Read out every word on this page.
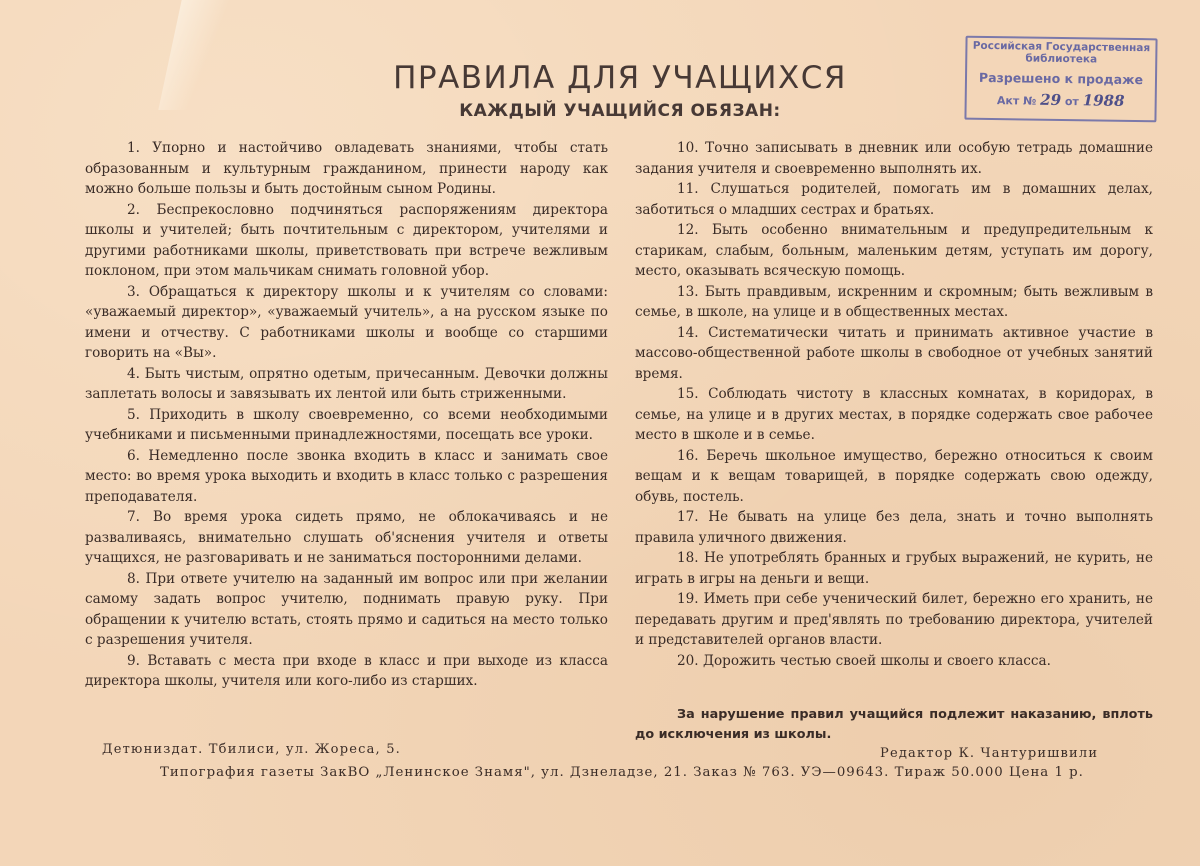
ПРАВИЛА ДЛЯ УЧАЩИХСЯ
КАЖДЫЙ УЧАЩИЙСЯ ОБЯЗАН:
Российская Государственная библиотека
Разрешено к продаже
Акт № 29 от 1988

1. Упорно и настойчиво овладевать знаниями, чтобы стать образованным и культурным гражданином, принести народу как можно больше пользы и быть достойным сыном Родины.

2. Беспрекословно подчиняться распоряжениям директора школы и учителей; быть почтительным с директором, учителями и другими работниками школы, приветствовать при встрече вежливым поклоном, при этом мальчикам снимать головной убор.

3. Обращаться к директору школы и к учителям со словами: «уважаемый директор», «уважаемый учитель», а на русском языке по имени и отчеству. С работниками школы и вообще со старшими говорить на «Вы».

4. Быть чистым, опрятно одетым, причесанным. Девочки должны заплетать волосы и завязывать их лентой или быть стриженными.

5. Приходить в школу своевременно, со всеми необходимыми учебниками и письменными принадлежностями, посещать все уроки.

6. Немедленно после звонка входить в класс и занимать свое место: во время урока выходить и входить в класс только с разрешения преподавателя.

7. Во время урока сидеть прямо, не облокачиваясь и не разваливаясь, внимательно слушать об'яснения учителя и ответы учащихся, не разговаривать и не заниматься посторонними делами.

8. При ответе учителю на заданный им вопрос или при желании самому задать вопрос учителю, поднимать правую руку. При обращении к учителю встать, стоять прямо и садиться на место только с разрешения учителя.

9. Вставать с места при входе в класс и при выходе из класса директора школы, учителя или кого-либо из старших.

10. Точно записывать в дневник или особую тетрадь домашние задания учителя и своевременно выполнять их.

11. Слушаться родителей, помогать им в домашних делах, заботиться о младших сестрах и братьях.

12. Быть особенно внимательным и предупредительным к старикам, слабым, больным, маленьким детям, уступать им дорогу, место, оказывать всяческую помощь.

13. Быть правдивым, искренним и скромным; быть вежливым в семье, в школе, на улице и в общественных местах.

14. Систематически читать и принимать активное участие в массово-общественной работе школы в свободное от учебных занятий время.

15. Соблюдать чистоту в классных комнатах, в коридорах, в семье, на улице и в других местах, в порядке содержать свое рабочее место в школе и в семье.

16. Беречь школьное имущество, бережно относиться к своим вещам и к вещам товарищей, в порядке содержать свою одежду, обувь, постель.

17. Не бывать на улице без дела, знать и точно выполнять правила уличного движения.

18. Не употреблять бранных и грубых выражений, не курить, не играть в игры на деньги и вещи.

19. Иметь при себе ученический билет, бережно его хранить, не передавать другим и пред'являть по требованию директора, учителей и представителей органов власти.

20. Дорожить честью своей школы и своего класса.

За нарушение правил учащийся подлежит наказанию, вплоть до исключения из школы.

Детюниздат. Тбилиси, ул. Жореса, 5.	Редактор К. Чантуришвили
Типография газеты ЗакВО „Ленинское Знамя", ул. Дзнеладзе, 21. Заказ № 763. УЭ—09643. Тираж 50.000 Цена 1 р.
